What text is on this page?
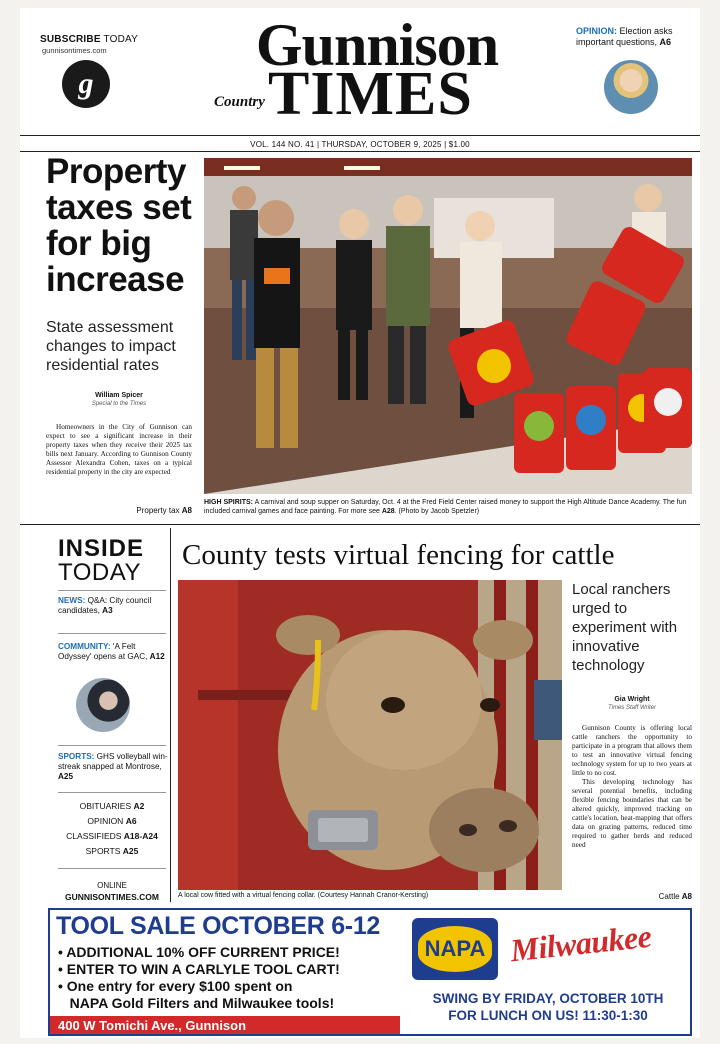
SUBSCRIBE TODAY
gunnisontimes.com
g
Gunnison
Country TIMES
OPINION: Election asks important questions, A6
VOL. 144 NO. 41 | THURSDAY, OCTOBER 9, 2025 | $1.00
Property taxes set for big increase
State assessment changes to impact residential rates
William Spicer
Special to the Times
Homeowners in the City of Gunnison can expect to see a significant increase in their property taxes when they receive their 2025 tax bills next January. According to Gunnison County Assessor Alexandra Cohen, taxes on a typical residential property in the city are expected
Property tax A8
HIGH SPIRITS: A carnival and soup supper on Saturday, Oct. 4 at the Fred Field Center raised money to support the High Altitude Dance Academy. The fun included carnival games and face painting. For more see A28. (Photo by Jacob Spetzler)
INSIDE
TODAY
NEWS: Q&A: City council candidates, A3
COMMUNITY: 'A Felt Odyssey' opens at GAC, A12
SPORTS: GHS volleyball win-streak snapped at Montrose, A25
OBITUARIES A2
OPINION A6
CLASSIFIEDS A18-A24
SPORTS A25
ONLINE
GUNNISONTIMES.COM
County tests virtual fencing for cattle
A local cow fitted with a virtual fencing collar. (Courtesy Hannah Cranor-Kersting)
Local ranchers urged to experiment with innovative technology
Gia Wright
Times Staff Writer

Gunnison County is offering local cattle ranchers the opportunity to participate in a program that allows them to test an innovative virtual fencing technology system for up to two years at little to no cost.

This developing technology has several potential benefits, including flexible fencing boundaries that can be altered quickly, improved tracking on cattle's location, heat-mapping that offers data on grazing patterns, reduced time required to gather herds and reduced need

Cattle A8
TOOL SALE OCTOBER 6-12
• ADDITIONAL 10% OFF CURRENT PRICE!
• ENTER TO WIN A CARLYLE TOOL CART!
• One entry for every $100 spent on
NAPA Gold Filters and Milwaukee tools!
400 W Tomichi Ave., Gunnison
NAPA Milwaukee
SWING BY FRIDAY, OCTOBER 10TH
FOR LUNCH ON US! 11:30-1:30
